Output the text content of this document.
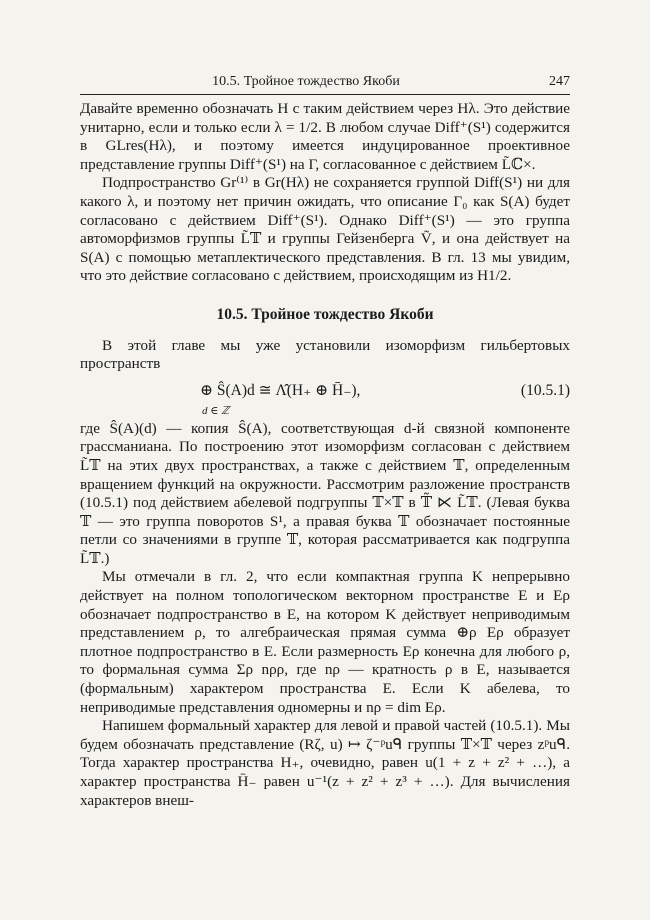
10.5. Тройное тождество Якоби	247

Давайте временно обозначать H с таким действием через Hλ. Это действие унитарно, если и только если λ = 1/2. В любом случае Diff⁺(S¹) содержится в GLres(Hλ), и поэтому имеется индуцированное проективное представление группы Diff⁺(S¹) на Γ, согласованное с действием L̃ℂ×.

Подпространство Gr⁽¹⁾ в Gr(Hλ) не сохраняется группой Diff(S¹) ни для какого λ, и поэтому нет причин ожидать, что описание Γ₀ как S(A) будет согласовано с действием Diff⁺(S¹). Однако Diff⁺(S¹) — это группа автоморфизмов группы L̃𝕋 и группы Гейзенберга Ṽ, и она действует на S(A) с помощью метаплектического представления. В гл. 13 мы увидим, что это действие согласовано с действием, происходящим из H1/2.

10.5. Тройное тождество Якоби

В этой главе мы уже установили изоморфизм гильбертовых пространств

⊕ Ŝ(A)d ≅ Λ̂(H₊ ⊕ H̄₋),
d ∈ ℤ
(10.5.1)

где Ŝ(A)(d) — копия Ŝ(A), соответствующая d-й связной компоненте грассманиана. По построению этот изоморфизм согласован с действием L̃𝕋 на этих двух пространствах, а также с действием 𝕋, определенным вращением функций на окружности. Рассмотрим разложение пространств (10.5.1) под действием абелевой подгруппы 𝕋×𝕋 в 𝕋̃ ⋉ L̃𝕋. (Левая буква 𝕋 — это группа поворотов S¹, а правая буква 𝕋 обозначает постоянные петли со значениями в группе 𝕋, которая рассматривается как подгруппа L̃𝕋.)

Мы отмечали в гл. 2, что если компактная группа K непрерывно действует на полном топологическом векторном пространстве E и Eρ обозначает подпространство в E, на котором K действует неприводимым представлением ρ, то алгебраическая прямая сумма ⊕ρ Eρ образует плотное подпространство в E. Если размерность Eρ конечна для любого ρ, то формальная сумма Σρ nρρ, где nρ — кратность ρ в E, называется (формальным) характером пространства E. Если K абелева, то неприводимые представления одномерны и nρ = dim Eρ.

Напишем формальный характер для левой и правой частей (10.5.1). Мы будем обозначать представление (Rζ, u) ↦ ζ⁻ᵖuᑫ группы 𝕋×𝕋 через zᵖuᑫ. Тогда характер пространства H₊, очевидно, равен u(1 + z + z² + …), а характер пространства H̄₋ равен u⁻¹(z + z² + z³ + …). Для вычисления характеров внеш-
